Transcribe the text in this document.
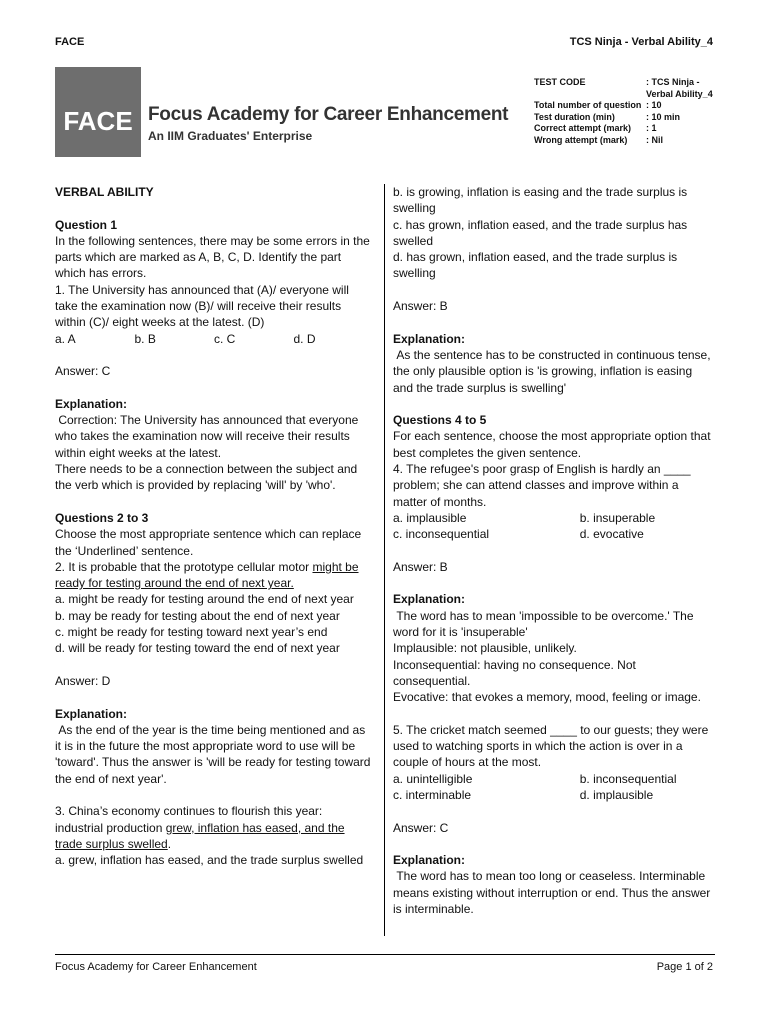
FACE	TCS Ninja - Verbal Ability_4
FACE Focus Academy for Career Enhancement
An IIM Graduates' Enterprise
TEST CODE	: TCS Ninja - Verbal Ability_4
Total number of question : 10
Test duration (min)	: 10 min
Correct attempt (mark)	: 1
Wrong attempt (mark)	: Nil

VERBAL ABILITY

Question 1

In the following sentences, there may be some errors in the parts which are marked as A, B, C, D. Identify the part which has errors.

1. The University has announced that (A)/ everyone will take the examination now (B)/ will receive their results within (C)/ eight weeks at the latest. (D)

a. A	b. B	c. C	d. D

Answer: C

Explanation:

Correction: The University has announced that everyone who takes the examination now will receive their results within eight weeks at the latest.

There needs to be a connection between the subject and the verb which is provided by replacing 'will' by 'who'.

Questions 2 to 3

Choose the most appropriate sentence which can replace the ‘Underlined’ sentence.

2. It is probable that the prototype cellular motor might be ready for testing around the end of next year.

a. might be ready for testing around the end of next year

b. may be ready for testing about the end of next year

c. might be ready for testing toward next year’s end

d. will be ready for testing toward the end of next year

Answer: D

Explanation:

As the end of the year is the time being mentioned and as it is in the future the most appropriate word to use will be 'toward'. Thus the answer is 'will be ready for testing toward the end of next year'.

3. China’s economy continues to flourish this year: industrial production grew, inflation has eased, and the trade surplus swelled.

a. grew, inflation has eased, and the trade surplus swelled

b. is growing, inflation is easing and the trade surplus is swelling

c. has grown, inflation eased, and the trade surplus has swelled

d. has grown, inflation eased, and the trade surplus is swelling

Answer: B

Explanation:

As the sentence has to be constructed in continuous tense, the only plausible option is 'is growing, inflation is easing and the trade surplus is swelling'

Questions 4 to 5

For each sentence, choose the most appropriate option that best completes the given sentence.

4. The refugee's poor grasp of English is hardly an ____ problem; she can attend classes and improve within a matter of months.

a. implausible	b. insuperable
c. inconsequential	d. evocative

Answer: B

Explanation:

The word has to mean 'impossible to be overcome.' The word for it is 'insuperable'

Implausible: not plausible, unlikely.

Inconsequential: having no consequence. Not consequential.

Evocative: that evokes a memory, mood, feeling or image.

5. The cricket match seemed ____ to our guests; they were used to watching sports in which the action is over in a couple of hours at the most.

a. unintelligible	b. inconsequential
c. interminable	d. implausible

Answer: C

Explanation:

The word has to mean too long or ceaseless. Interminable means existing without interruption or end. Thus the answer is interminable.

Focus Academy for Career Enhancement	Page 1 of 2
